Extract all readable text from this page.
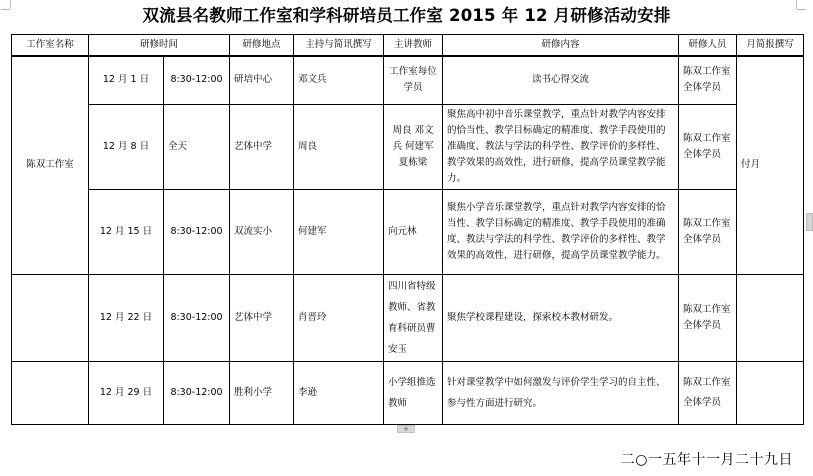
双流县名教师工作室和学科研培员工作室 2015 年 12 月研修活动安排
工作室名称	研修时间		研修地点	主持与简讯撰写	主讲教师	研修内容	研修人员	月简报撰写
陈双工作室	12 月 1 日	8:30-12:00	研培中心	邓文兵	工作室每位学员	读书心得交流	陈双工作室全体学员	付月
	12 月 8 日	全天	艺体中学	周良	周良 邓文兵 何建军 夏栋梁	聚焦高中初中音乐课堂教学，重点针对教学内容安排的恰当性、教学目标确定的精准度、教学手段使用的准确度、教法与学法的科学性、教学评价的多样性、教学效果的高效性，进行研修，提高学员课堂教学能力。	陈双工作室全体学员	
	12 月 15 日	8:30-12:00	双流实小	何建军	向元林	聚焦小学音乐课堂教学，重点针对教学内容安排的恰当性、教学目标确定的精准度、教学手段使用的准确度、教法与学法的科学性、教学评价的多样性、教学效果的高效性，进行研修，提高学员课堂教学能力。	陈双工作室全体学员	
	12 月 22 日	8:30-12:00	艺体中学	肖晋玲	四川省特级教师、省教育科研员曹安玉	聚焦学校课程建设，探索校本教材研发。	陈双工作室全体学员	
	12 月 29 日	8:30-12:00	胜利小学	李逊	小学组推选教师	针对课堂教学中如何激发与评价学生学习的自主性、参与性方面进行研究。	陈双工作室全体学员	
+
二○一五年十一月二十九日
